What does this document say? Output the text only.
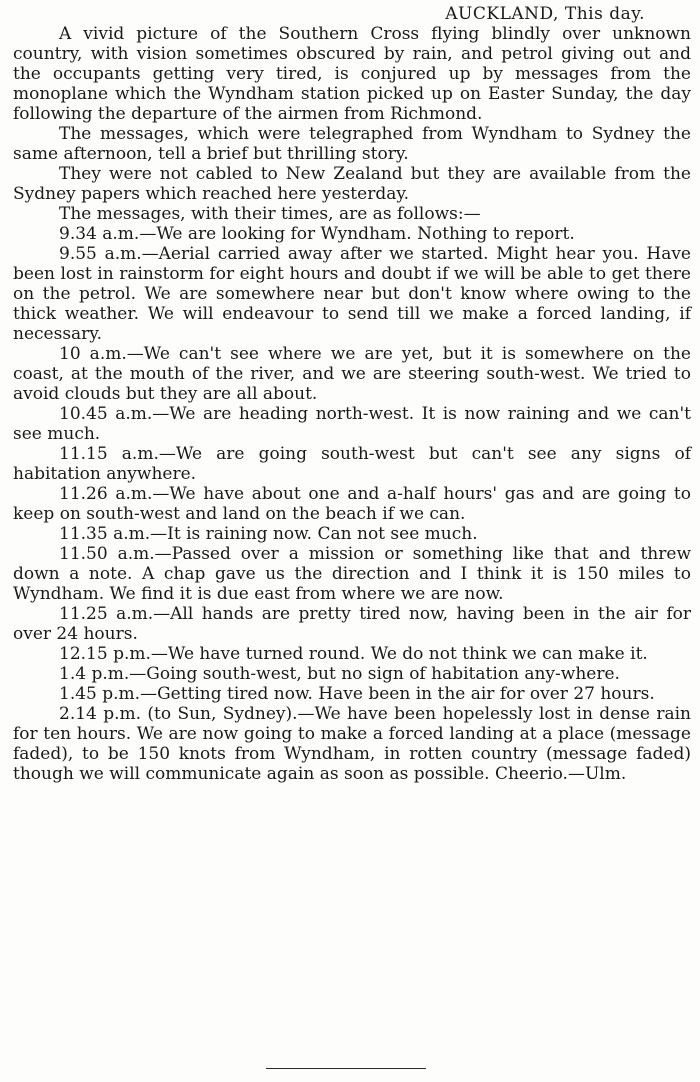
AUCKLAND, This day.

A vivid picture of the Southern Cross flying blindly over unknown country, with vision sometimes obscured by rain, and petrol giving out and the occupants getting very tired, is conjured up by messages from the monoplane which the Wyndham station picked up on Easter Sunday, the day following the departure of the airmen from Richmond.

The messages, which were telegraphed from Wyndham to Sydney the same afternoon, tell a brief but thrilling story.

They were not cabled to New Zealand but they are available from the Sydney papers which reached here yesterday.

The messages, with their times, are as follows:—

9.34 a.m.—We are looking for Wyndham. Nothing to report.

9.55 a.m.—Aerial carried away after we started. Might hear you. Have been lost in rainstorm for eight hours and doubt if we will be able to get there on the petrol. We are somewhere near but don't know where owing to the thick weather. We will endeavour to send till we make a forced landing, if necessary.

10 a.m.—We can't see where we are yet, but it is somewhere on the coast, at the mouth of the river, and we are steering south-west. We tried to avoid clouds but they are all about.

10.45 a.m.—We are heading north-west. It is now raining and we can't see much.

11.15 a.m.—We are going south-west but can't see any signs of habitation anywhere.

11.26 a.m.—We have about one and a-half hours' gas and are going to keep on south-west and land on the beach if we can.

11.35 a.m.—It is raining now. Can not see much.

11.50 a.m.—Passed over a mission or something like that and threw down a note. A chap gave us the direction and I think it is 150 miles to Wyndham. We find it is due east from where we are now.

11.25 a.m.—All hands are pretty tired now, having been in the air for over 24 hours.

12.15 p.m.—We have turned round. We do not think we can make it.

1.4 p.m.—Going south-west, but no sign of habitation any-where.

1.45 p.m.—Getting tired now. Have been in the air for over 27 hours.

2.14 p.m. (to Sun, Sydney).—We have been hopelessly lost in dense rain for ten hours. We are now going to make a forced landing at a place (message faded), to be 150 knots from Wyndham, in rotten country (message faded) though we will communicate again as soon as possible. Cheerio.—Ulm.
